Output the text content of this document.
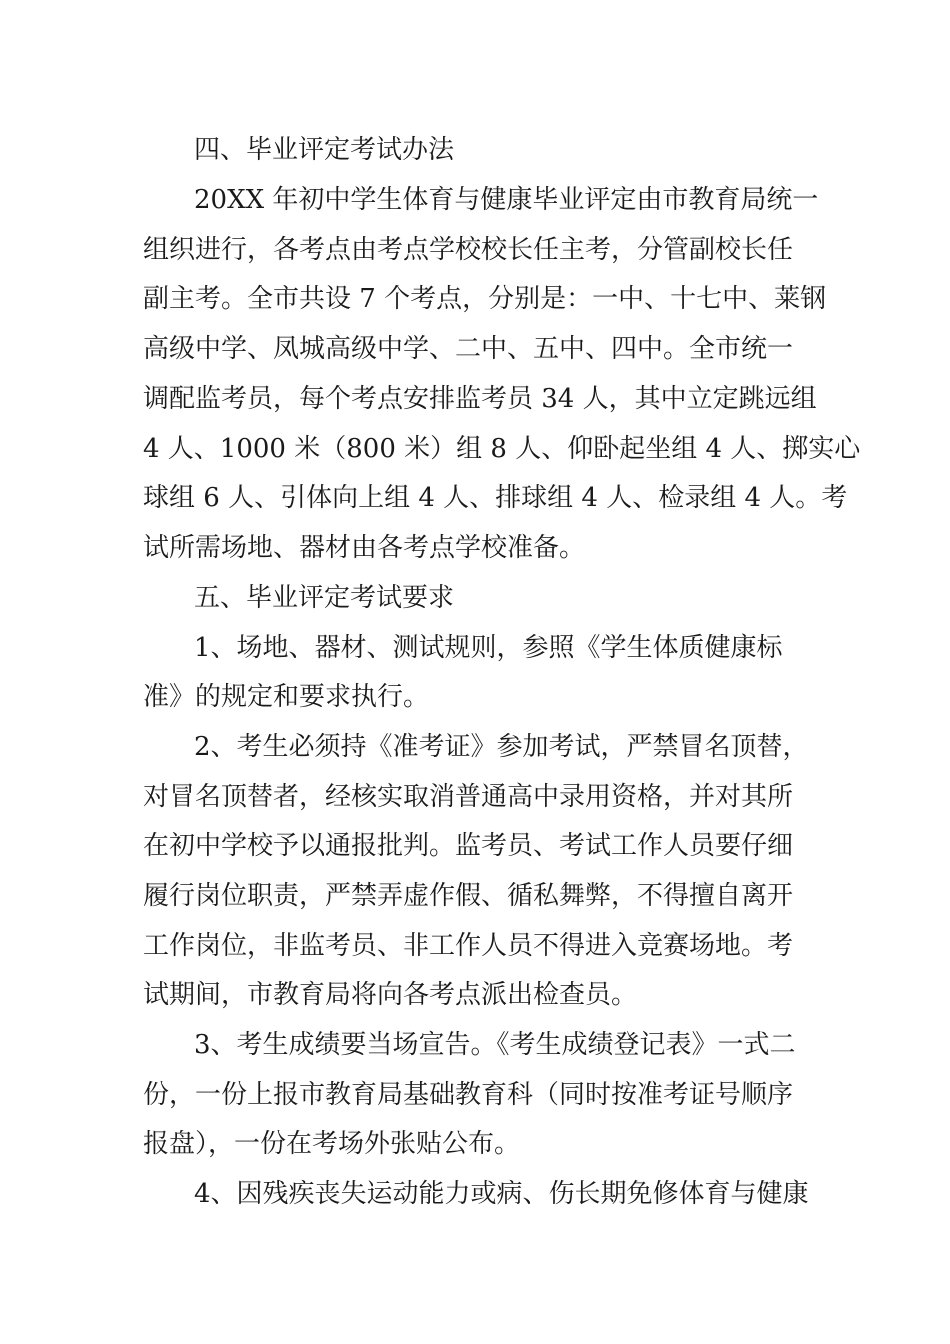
四、毕业评定考试办法
20XX 年初中学生体育与健康毕业评定由市教育局统一
组织进行，各考点由考点学校校长任主考，分管副校长任
副主考。全市共设 7 个考点，分别是：一中、十七中、莱钢
高级中学、凤城高级中学、二中、五中、四中。全市统一
调配监考员，每个考点安排监考员 34 人，其中立定跳远组
4 人、1000 米（800 米）组 8 人、仰卧起坐组 4 人、掷实心
球组 6 人、引体向上组 4 人、排球组 4 人、检录组 4 人。考
试所需场地、器材由各考点学校准备。
五、毕业评定考试要求
1、场地、器材、测试规则，参照《学生体质健康标
准》的规定和要求执行。
2、考生必须持《准考证》参加考试，严禁冒名顶替，
对冒名顶替者，经核实取消普通高中录用资格，并对其所
在初中学校予以通报批判。监考员、考试工作人员要仔细
履行岗位职责，严禁弄虚作假、循私舞弊，不得擅自离开
工作岗位，非监考员、非工作人员不得进入竞赛场地。考
试期间，市教育局将向各考点派出检查员。
3、考生成绩要当场宣告。《考生成绩登记表》一式二
份，一份上报市教育局基础教育科（同时按准考证号顺序
报盘），一份在考场外张贴公布。
4、因残疾丧失运动能力或病、伤长期免修体育与健康
